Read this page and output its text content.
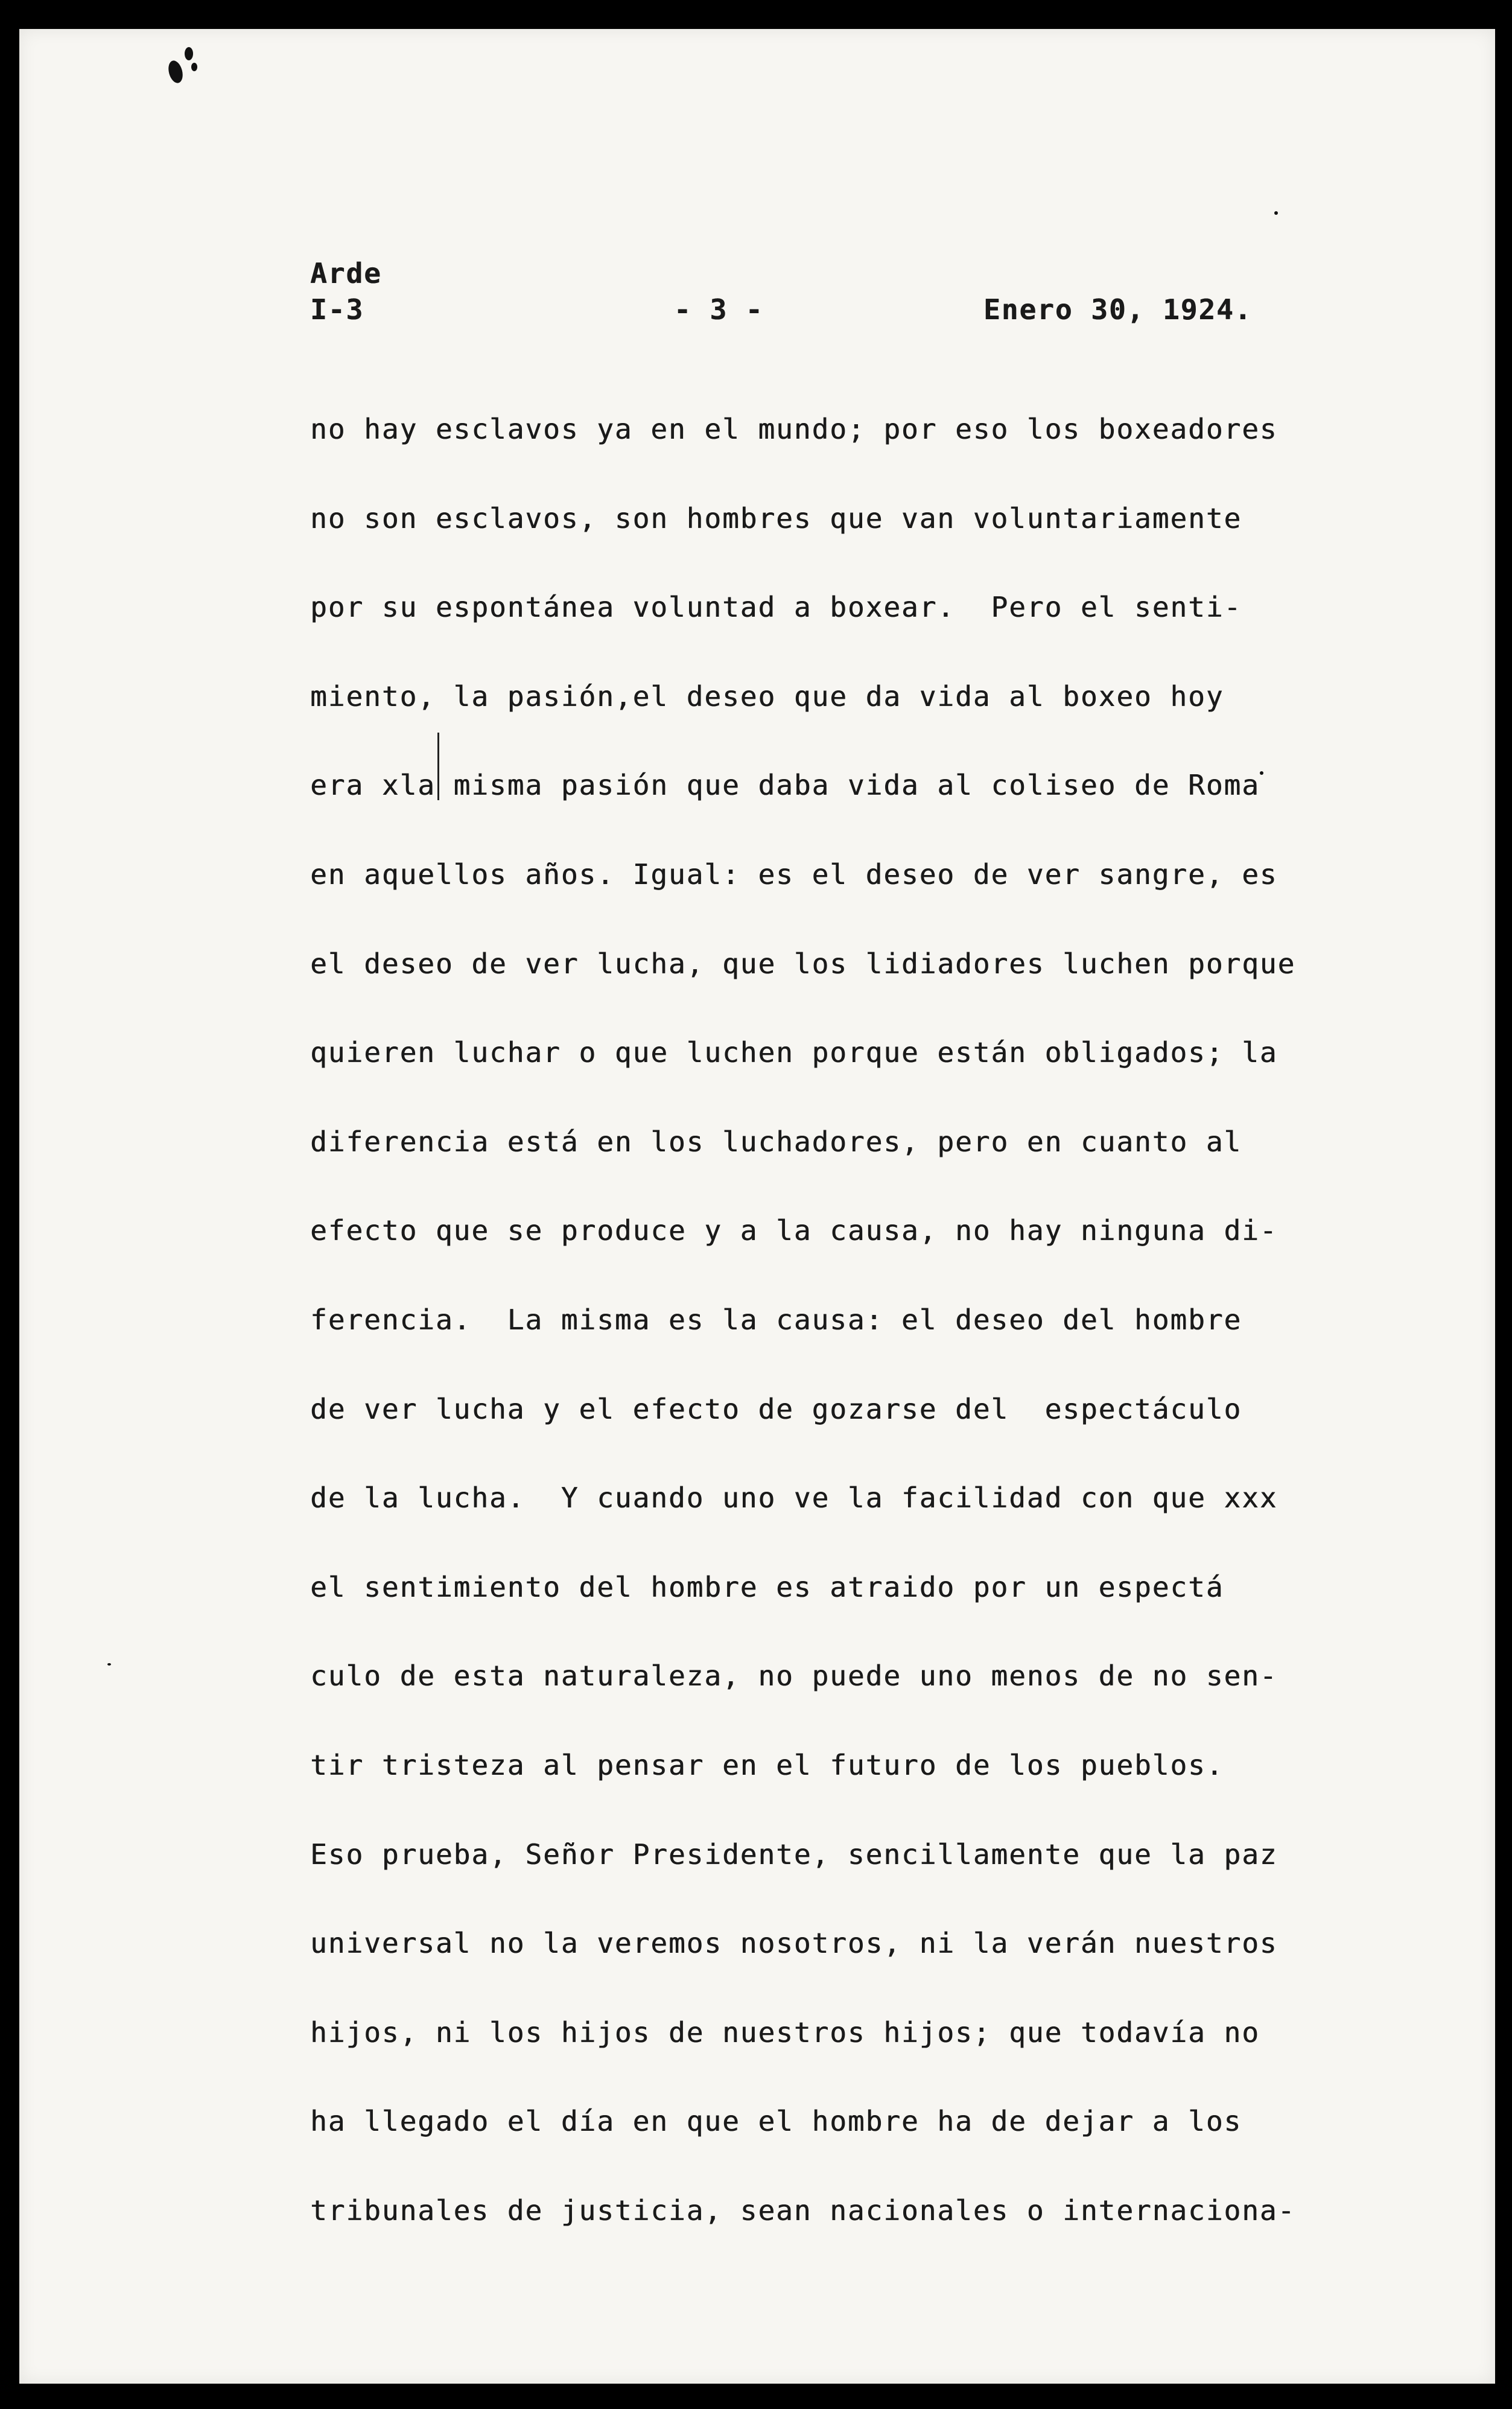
Arde
I-3	- 3 -	Enero 30, 1924.
no hay esclavos ya en el mundo; por eso los boxeadores
no son esclavos, son hombres que van voluntariamente
por su espontánea voluntad a boxear.  Pero el senti-
miento, la pasión,el deseo que da vida al boxeo hoy
era xla misma pasión que daba vida al coliseo de Roma
en aquellos años. Igual: es el deseo de ver sangre, es
el deseo de ver lucha, que los lidiadores luchen porque
quieren luchar o que luchen porque están obligados; la
diferencia está en los luchadores, pero en cuanto al
efecto que se produce y a la causa, no hay ninguna di-
ferencia.  La misma es la causa: el deseo del hombre
de ver lucha y el efecto de gozarse del  espectáculo
de la lucha.  Y cuando uno ve la facilidad con que xxx
el sentimiento del hombre es atraido por un espectá
culo de esta naturaleza, no puede uno menos de no sen-
tir tristeza al pensar en el futuro de los pueblos.
Eso prueba, Señor Presidente, sencillamente que la paz
universal no la veremos nosotros, ni la verán nuestros
hijos, ni los hijos de nuestros hijos; que todavía no
ha llegado el día en que el hombre ha de dejar a los
tribunales de justicia, sean nacionales o internaciona-
